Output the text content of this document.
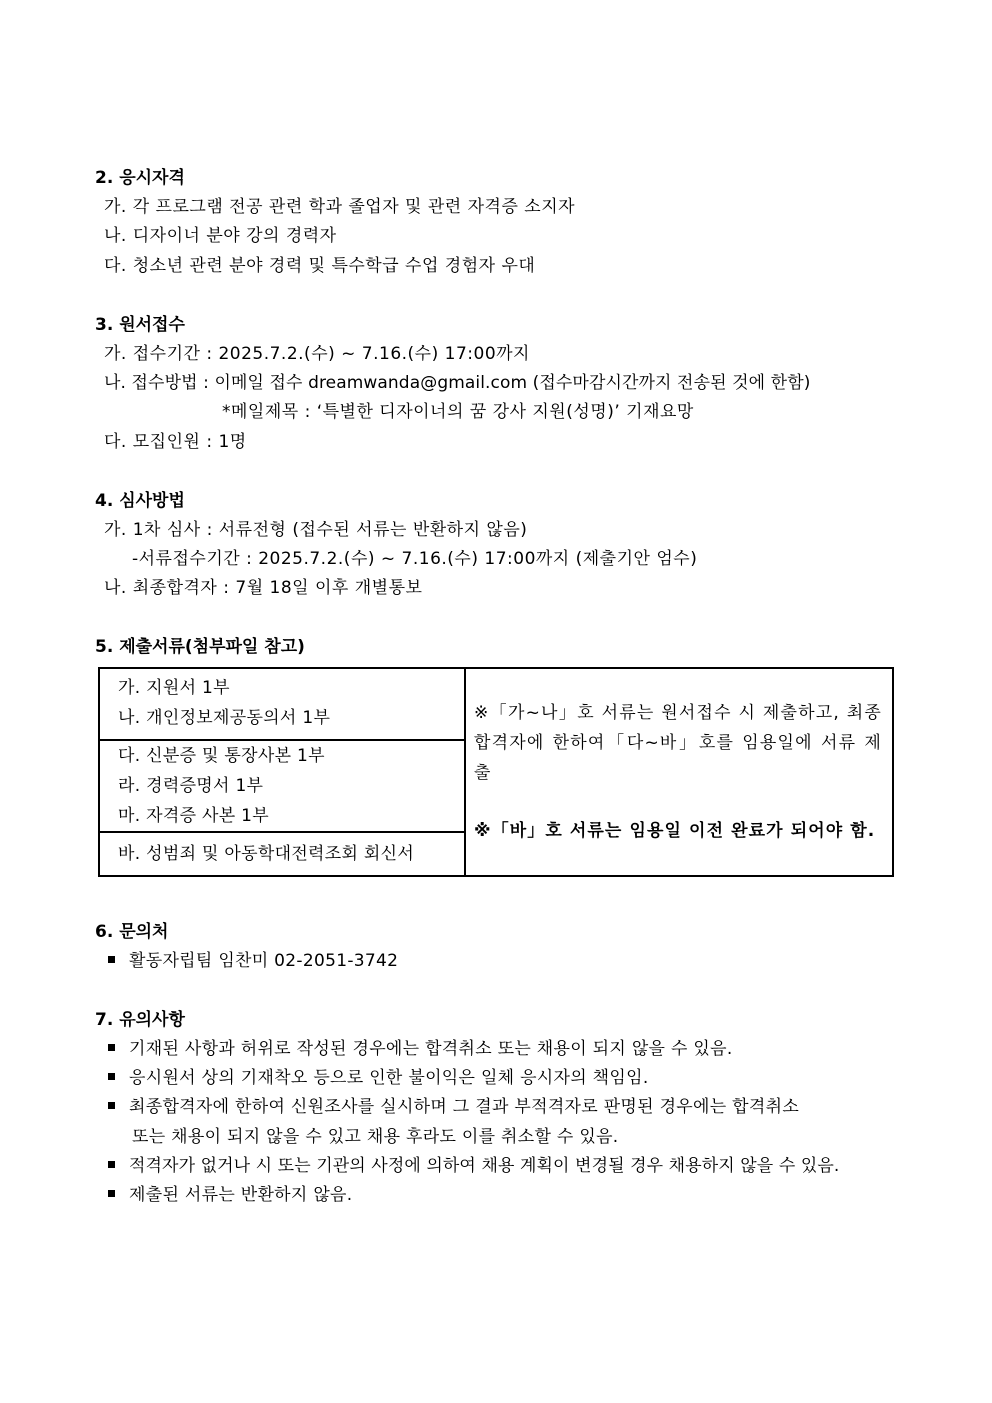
2. 응시자격
가. 각 프로그램 전공 관련 학과 졸업자 및 관련 자격증 소지자
나. 디자이너 분야 강의 경력자
다. 청소년 관련 분야 경력 및 특수학급 수업 경험자 우대
3. 원서접수
가. 접수기간 : 2025.7.2.(수) ~ 7.16.(수) 17:00까지
나. 접수방법 : 이메일 접수 dreamwanda@gmail.com (접수마감시간까지 전송된 것에 한함)
*메일제목 : ‘특별한 디자이너의 꿈 강사 지원(성명)’ 기재요망
다. 모집인원 : 1명
4. 심사방법
가. 1차 심사 : 서류전형 (접수된 서류는 반환하지 않음)
-서류접수기간 : 2025.7.2.(수) ~ 7.16.(수) 17:00까지 (제출기안 엄수)
나. 최종합격자 : 7월 18일 이후 개별통보
5. 제출서류(첨부파일 참고)
가. 지원서 1부
나. 개인정보제공동의서 1부	※「가~나」호 서류는 원서접수 시 제출하고, 최종합격자에 한하여「다~바」호를 임용일에 서류 제출
※「바」호 서류는 임용일 이전 완료가 되어야 함.

다. 신분증 및 통장사본 1부
라. 경력증명서 1부
마. 자격증 사본 1부

바. 성범죄 및 아동학대전력조회 회신서
6. 문의처
활동자립팀 임찬미 02-2051-3742
7. 유의사항
기재된 사항과 허위로 작성된 경우에는 합격취소 또는 채용이 되지 않을 수 있음.
응시원서 상의 기재착오 등으로 인한 불이익은 일체 응시자의 책임임.
최종합격자에 한하여 신원조사를 실시하며 그 결과 부적격자로 판명된 경우에는 합격취소
또는 채용이 되지 않을 수 있고 채용 후라도 이를 취소할 수 있음.
적격자가 없거나 시 또는 기관의 사정에 의하여 채용 계획이 변경될 경우 채용하지 않을 수 있음.
제출된 서류는 반환하지 않음.
